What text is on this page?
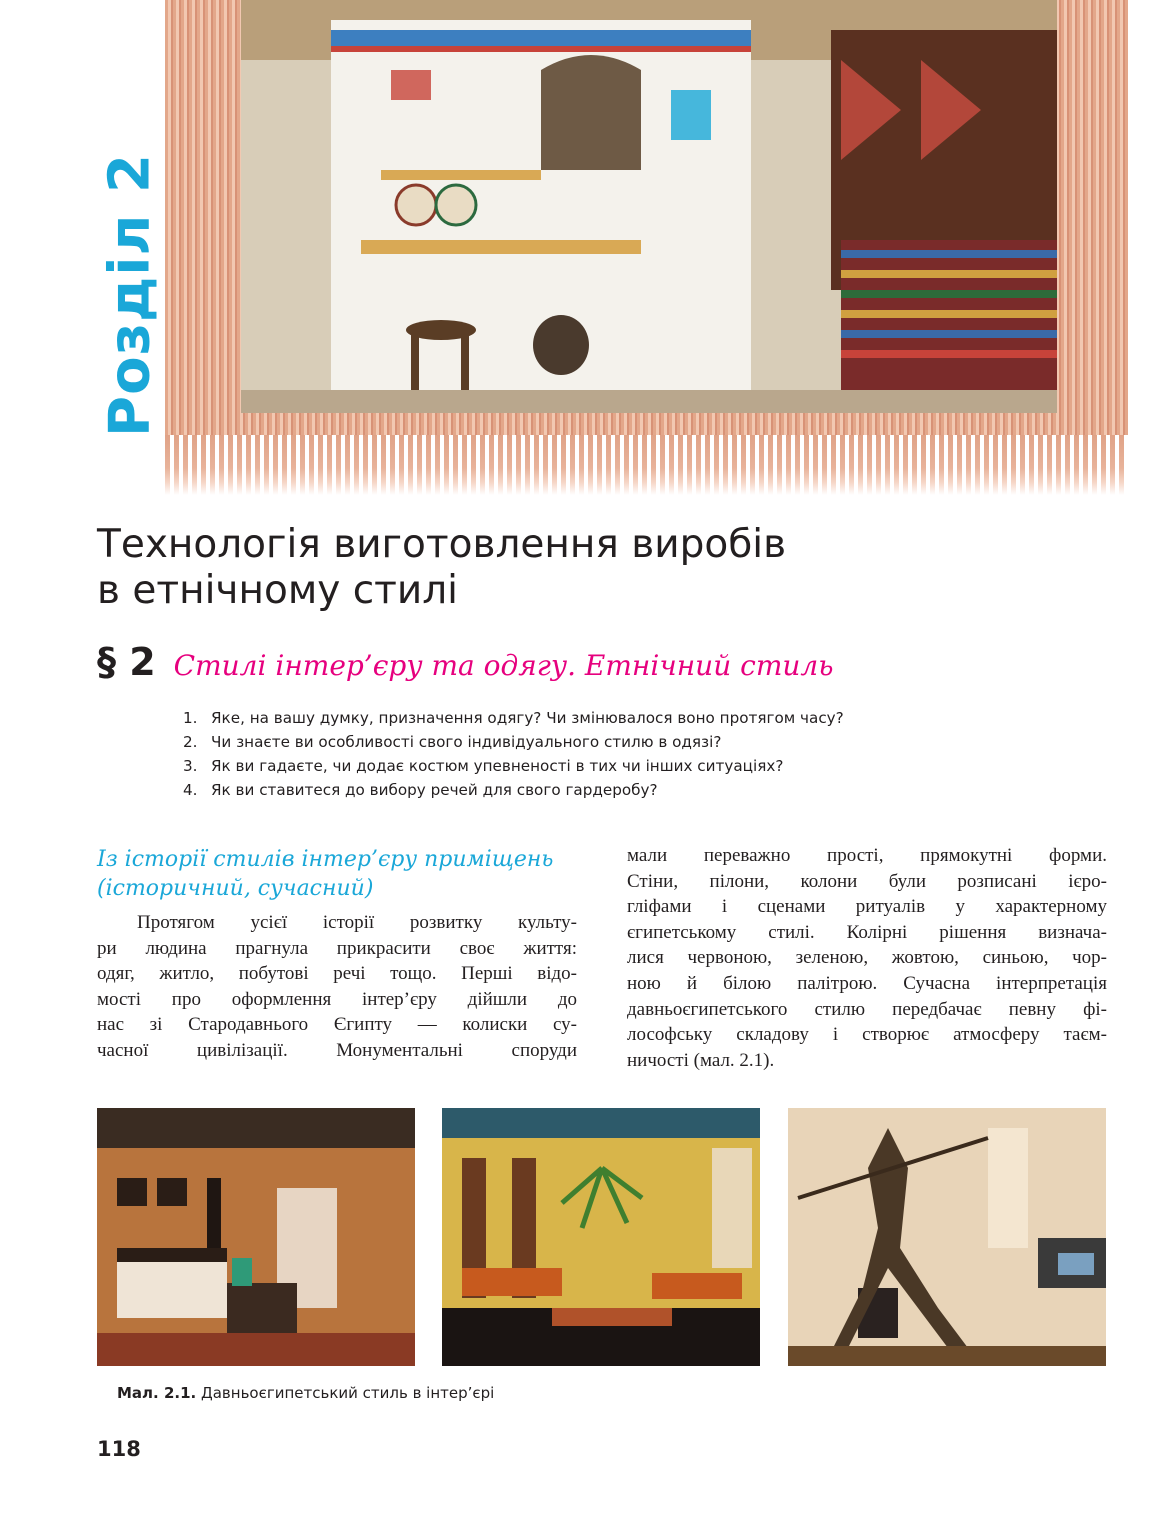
Розділ 2
Технологія виготовлення виробів
в етнічному стилі
§ 2 Стилі інтер’єру та одягу. Етнічний стиль
1. Яке, на вашу думку, призначення одягу? Чи змінювалося воно протягом часу?
2. Чи знаєте ви особливості свого індивідуального стилю в одязі?
3. Як ви гадаєте, чи додає костюм упевненості в тих чи інших ситуаціях?
4. Як ви ставитеся до вибору речей для свого гардеробу?
Із історії стилів інтер’єру приміщень
(історичний, сучасний)
Протягом усієї історії розвитку культу-
ри людина прагнула прикрасити своє життя:
одяг, житло, побутові речі тощо. Перші відо-
мості про оформлення інтер’єру дійшли до
нас зі Стародавнього Єгипту — колиски су-
часної цивілізації. Монументальні споруди
мали переважно прості, прямокутні форми.
Стіни, пілони, колони були розписані ієро-
гліфами і сценами ритуалів у характерному
єгипетському стилі. Колірні рішення визнача-
лися червоною, зеленою, жовтою, синьою, чор-
ною й білою палітрою. Сучасна інтерпретація
давньоєгипетського стилю передбачає певну фі-
лософську складову і створює атмосферу таєм-
ничості (мал. 2.1).
Мал. 2.1. Давньоєгипетський стиль в інтер’єрі
118
